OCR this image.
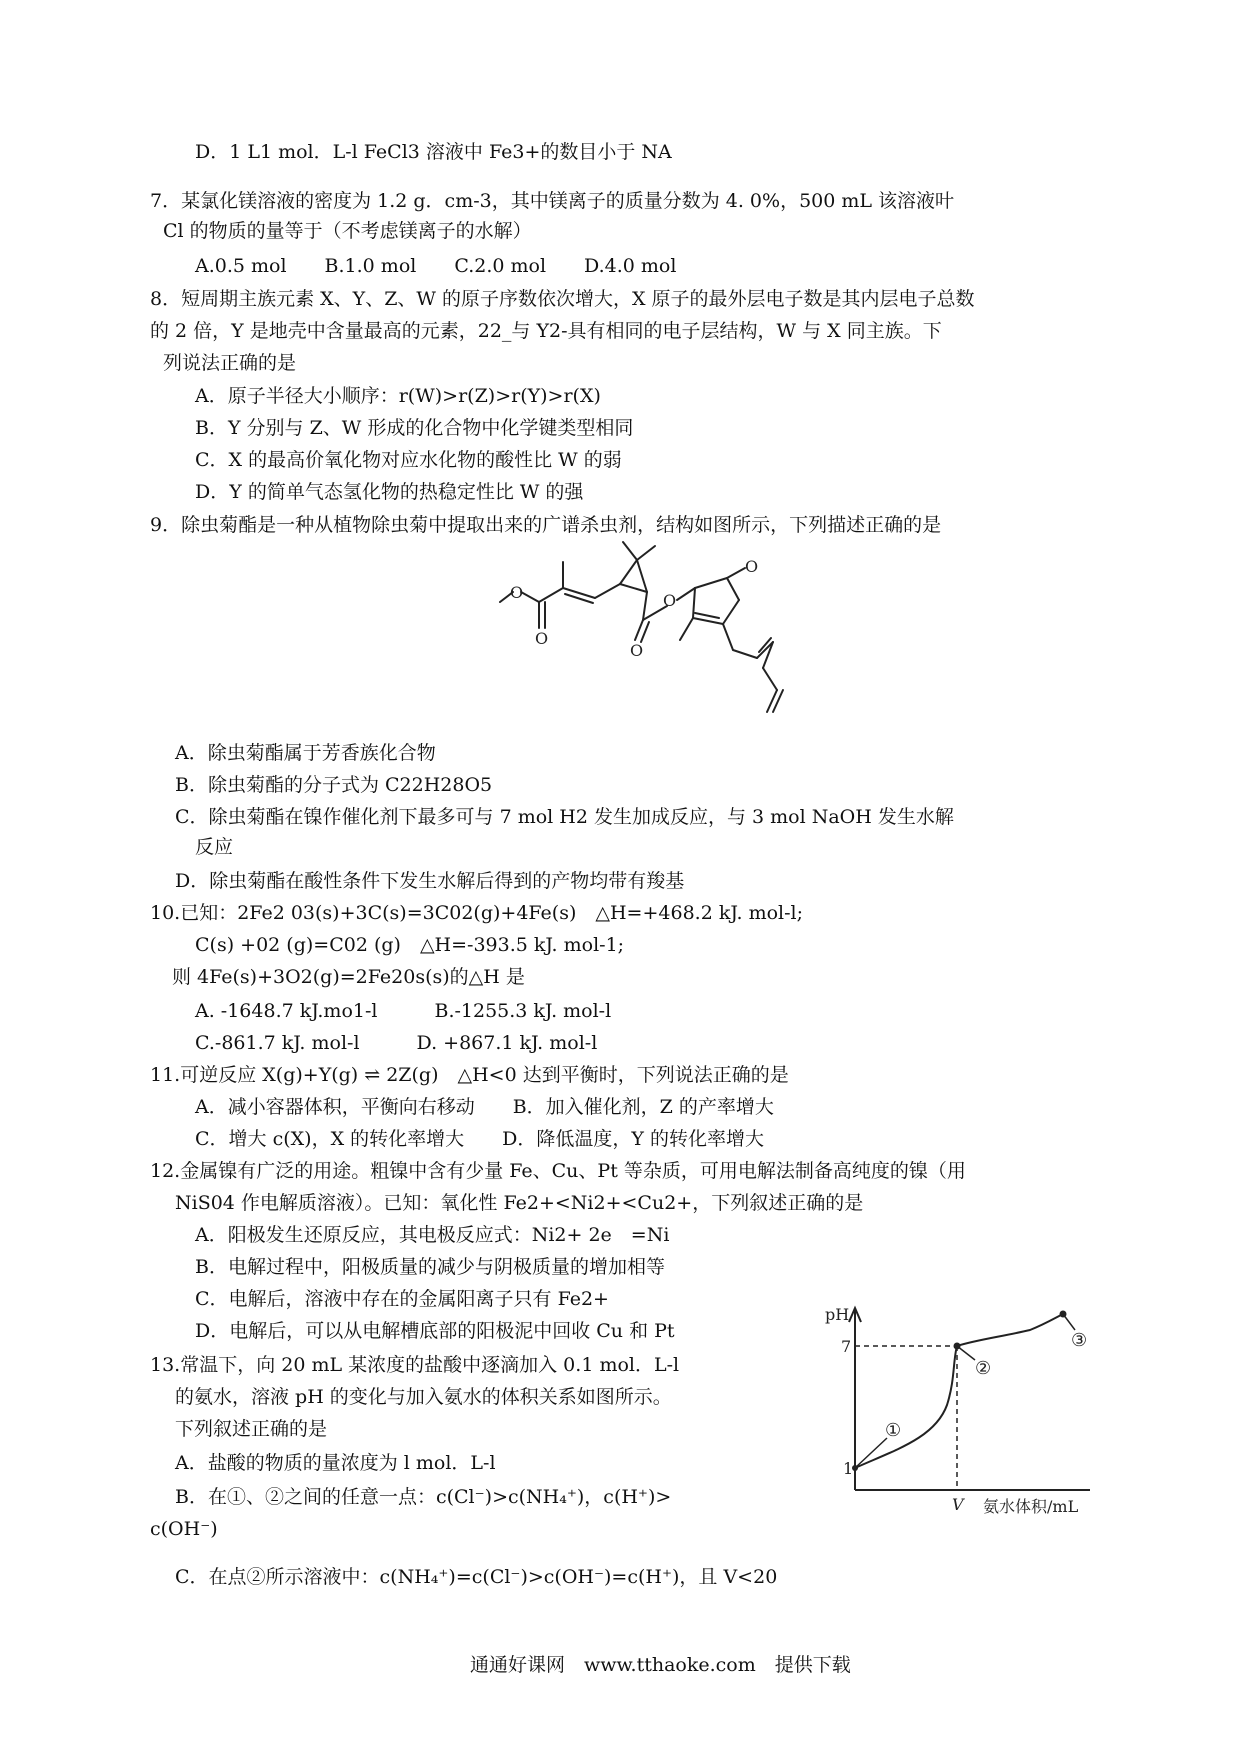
D．1 L1 mol．L-l FeCl3 溶液中 Fe3+的数目小于 NA
7．某氯化镁溶液的密度为 1.2 g．cm-3，其中镁离子的质量分数为 4. 0%，500 mL 该溶液叶
Cl 的物质的量等于（不考虑镁离子的水解）
A.0.5 mol　　B.1.0 mol　　C.2.0 mol　　D.4.0 mol
8．短周期主族元素 X、Y、Z、W 的原子序数依次增大，X 原子的最外层电子数是其内层电子总数
的 2 倍，Y 是地壳中含量最高的元素，22_与 Y2-具有相同的电子层结构，W 与 X 同主族。下
列说法正确的是
A．原子半径大小顺序：r(W)>r(Z)>r(Y)>r(X)
B．Y 分别与 Z、W 形成的化合物中化学键类型相同
C．X 的最高价氧化物对应水化物的酸性比 W 的弱
D．Y 的简单气态氢化物的热稳定性比 W 的强
9．除虫菊酯是一种从植物除虫菊中提取出来的广谱杀虫剂，结构如图所示，下列描述正确的是
O
O
O
O
O
A．除虫菊酯属于芳香族化合物
B．除虫菊酯的分子式为 C22H28O5
C．除虫菊酯在镍作催化剂下最多可与 7 mol H2 发生加成反应，与 3 mol NaOH 发生水解
反应
D．除虫菊酯在酸性条件下发生水解后得到的产物均带有羧基
10.已知：2Fe2 03(s)+3C(s)=3C02(g)+4Fe(s)　△H=+468.2 kJ. mol-l;
C(s) +02 (g)=C02 (g)　△H=-393.5 kJ. mol-1;
则 4Fe(s)+3O2(g)=2Fe20s(s)的△H 是
A. -1648.7 kJ.mo1-l　　　B.-1255.3 kJ. mol-l
C.-861.7 kJ. mol-l　　　D. +867.1 kJ. mol-l
11.可逆反应 X(g)+Y(g) ⇌ 2Z(g)　△H<0 达到平衡时，下列说法正确的是
A．减小容器体积，平衡向右移动　　B．加入催化剂，Z 的产率增大
C．增大 c(X)，X 的转化率增大　　D．降低温度，Y 的转化率增大
12.金属镍有广泛的用途。粗镍中含有少量 Fe、Cu、Pt 等杂质，可用电解法制备高纯度的镍（用
NiS04 作电解质溶液）。已知：氧化性 Fe2+<Ni2+<Cu2+，下列叙述正确的是
A．阳极发生还原反应，其电极反应式：Ni2+ 2e　=Ni
B．电解过程中，阳极质量的减少与阴极质量的增加相等
C．电解后，溶液中存在的金属阳离子只有 Fe2+
D．电解后，可以从电解槽底部的阳极泥中回收 Cu 和 Pt
13.常温下，向 20 mL 某浓度的盐酸中逐滴加入 0.1 mol．L-l
的氨水，溶液 pH 的变化与加入氨水的体积关系如图所示。
下列叙述正确的是
A．盐酸的物质的量浓度为 l mol．L-l
B．在①、②之间的任意一点：c(Cl⁻)>c(NH₄⁺)，c(H⁺)>
c(OH⁻)
C．在点②所示溶液中：c(NH₄⁺)=c(Cl⁻)>c(OH⁻)=c(H⁺)，且 V<20
pH
7
1
V 氨水体积/mL
①
②
③
通通好课网　www.tthaoke.com　提供下载
